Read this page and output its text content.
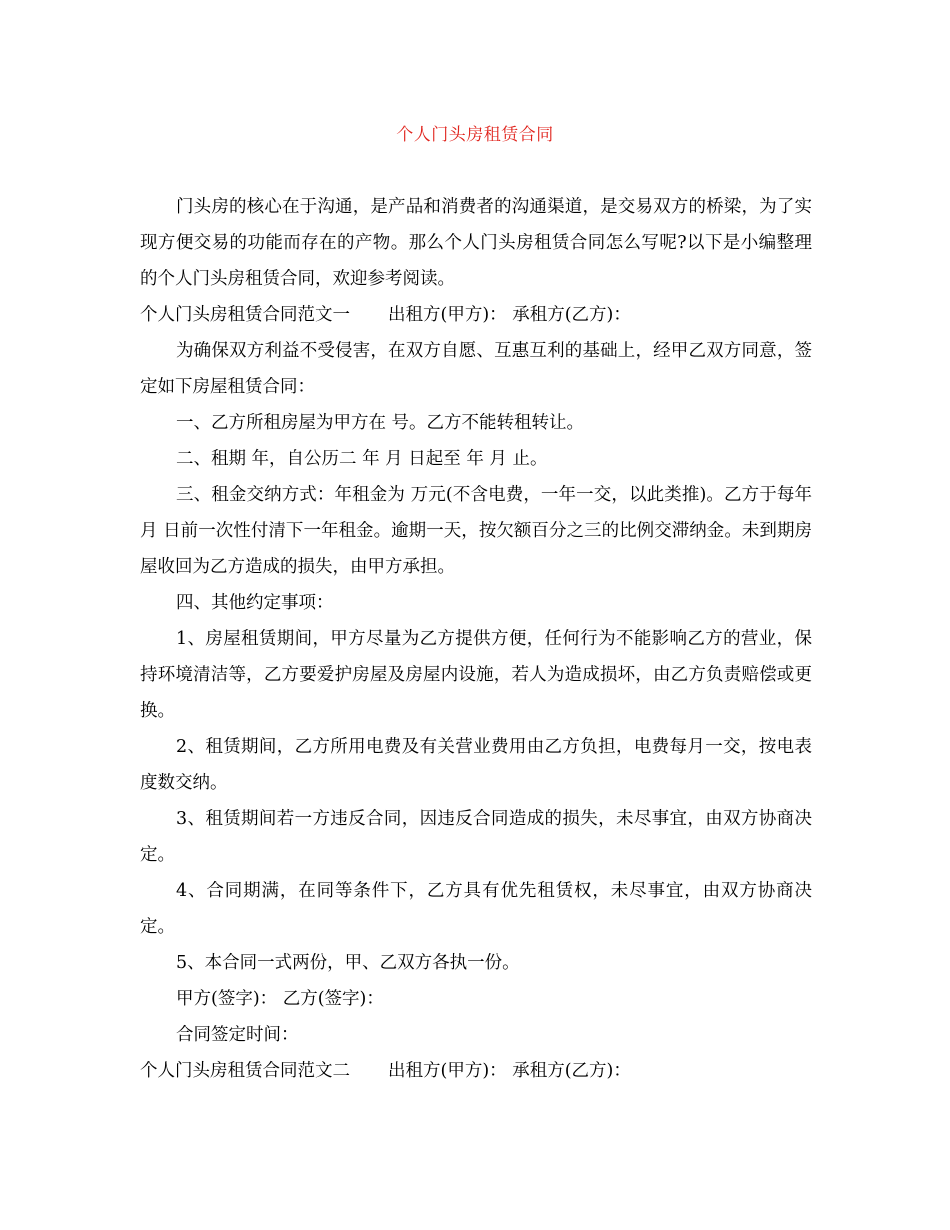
个人门头房租赁合同

门头房的核心在于沟通，是产品和消费者的沟通渠道，是交易双方的桥梁，为了实现方便交易的功能而存在的产物。那么个人门头房租赁合同怎么写呢?以下是小编整理的个人门头房租赁合同，欢迎参考阅读。

个人门头房租赁合同范文一 出租方(甲方)： 承租方(乙方)：

为确保双方利益不受侵害，在双方自愿、互惠互利的基础上，经甲乙双方同意，签定如下房屋租赁合同：

一、乙方所租房屋为甲方在 号。乙方不能转租转让。

二、租期 年，自公历二 年 月 日起至 年 月 止。

三、租金交纳方式：年租金为 万元(不含电费，一年一交，以此类推)。乙方于每年 月 日前一次性付清下一年租金。逾期一天，按欠额百分之三的比例交滞纳金。未到期房屋收回为乙方造成的损失，由甲方承担。

四、其他约定事项：

1、房屋租赁期间，甲方尽量为乙方提供方便，任何行为不能影响乙方的营业，保持环境清洁等，乙方要爱护房屋及房屋内设施，若人为造成损坏，由乙方负责赔偿或更换。

2、租赁期间，乙方所用电费及有关营业费用由乙方负担，电费每月一交，按电表度数交纳。

3、租赁期间若一方违反合同，因违反合同造成的损失，未尽事宜，由双方协商决定。

4、合同期满，在同等条件下，乙方具有优先租赁权，未尽事宜，由双方协商决定。

5、本合同一式两份，甲、乙双方各执一份。

甲方(签字)： 乙方(签字)：

合同签定时间：

个人门头房租赁合同范文二 出租方(甲方)： 承租方(乙方)：
